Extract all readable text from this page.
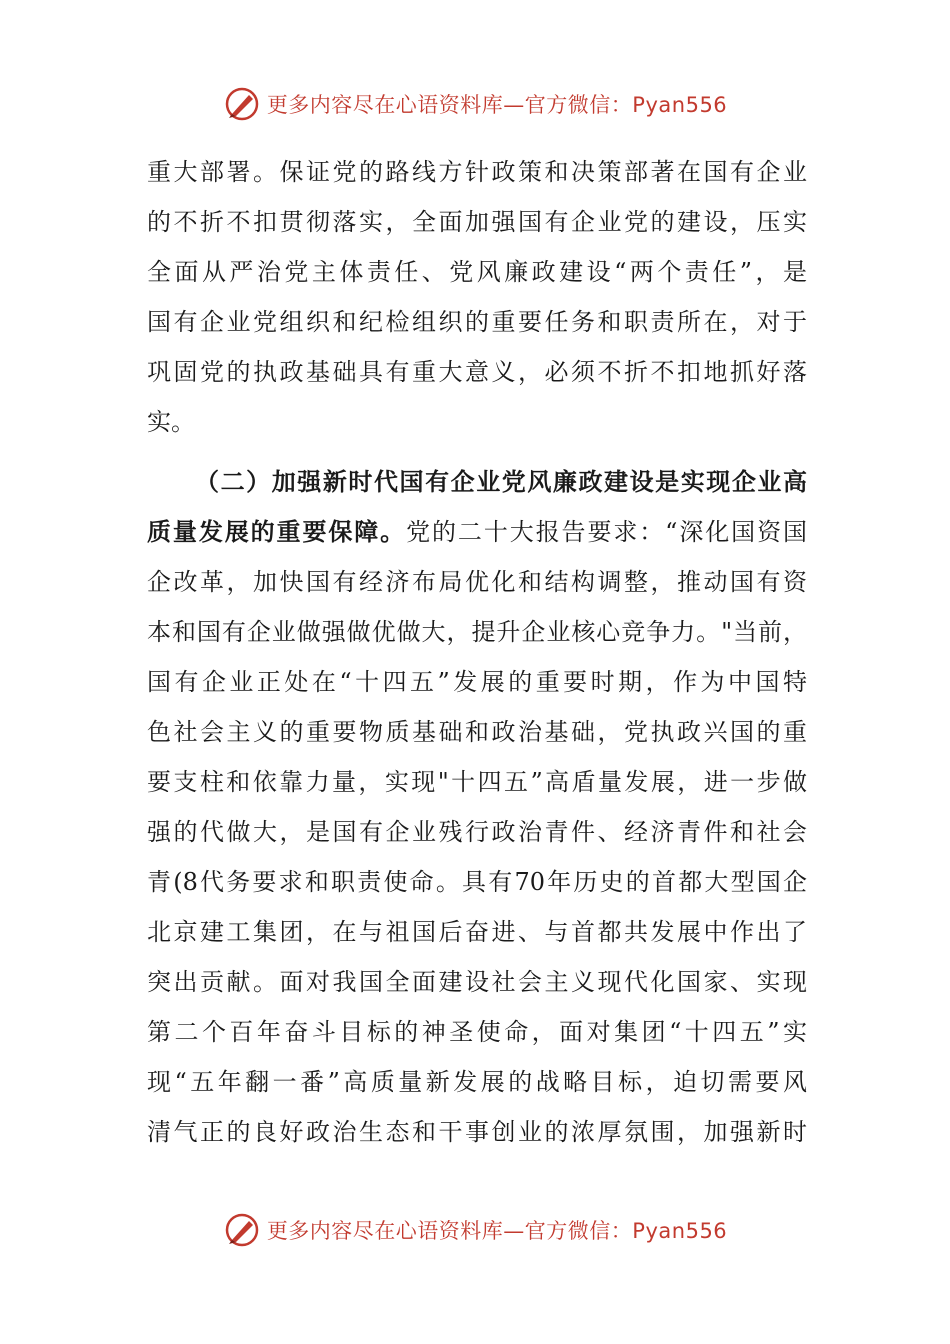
更多内容尽在心语资料库—官方微信：Pyan556
重大部署。保证党的路线方针政策和决策部著在国有企业
的不折不扣贯彻落实，全面加强国有企业党的建设，压实
全面从严治党主体责任、党风廉政建设“两个责任”，是
国有企业党组织和纪检组织的重要任务和职责所在，对于
巩固党的执政基础具有重大意义，必须不折不扣地抓好落
实。
（二）加强新时代国有企业党风廉政建设是实现企业高
质量发展的重要保障。党的二十大报告要求：“深化国资国
企改革，加快国有经济布局优化和结构调整，推动国有资
本和国有企业做强做优做大，提升企业核心竞争力。"当前，
国有企业正处在“十四五”发展的重要时期，作为中国特
色社会主义的重要物质基础和政治基础，党执政兴国的重
要支柱和依靠力量，实现"十四五”高盾量发展，进一步做
强的代做大，是国有企业残行政治青件、经济青件和社会
青(8代务要求和职责使命。具有70年历史的首都大型国企
北京建工集团，在与祖国后奋进、与首都共发展中作出了
突出贡献。面对我国全面建设社会主义现代化国家、实现
第二个百年奋斗目标的神圣使命，面对集团“十四五”实
现“五年翻一番”高质量新发展的战略目标，迫切需要风
清气正的良好政治生态和干事创业的浓厚氛围，加强新时
更多内容尽在心语资料库—官方微信：Pyan556
